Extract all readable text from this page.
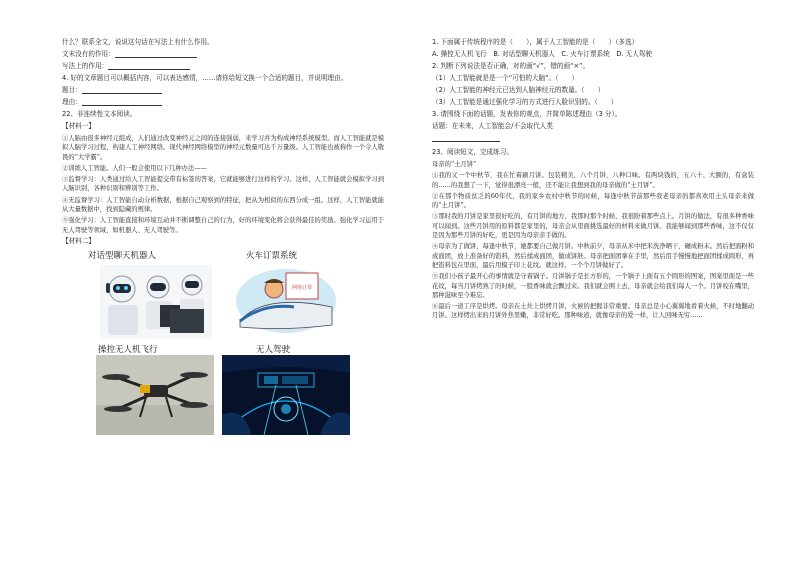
什么？联系全文，说说这句话在写法上有什么作用。

文末没有的作用：

写法上的作用：

4. 好的文章题目可以概括内容，可以表达感情，……请你给短文换一个合适的题目，并说明理由。

题目：

理由：

22、非连续性文本阅读。

【材料一】

①人脑由很多神经元组成，人们通过改变神经元之间的连接强弱，来学习并为构成神经系统模型。而人工智能就是模拟人脑学习过程，构建人工神经网络。现代神经网络模型的神经元数量可达千万量级。人工智能也被称作一个令人敬畏的“大学霸”。

②训练人工智能。人们一般会使用以下几种办法——

③监督学习：人类通过给人工智能提交带有标签的答案，它就能够进行这样的学习。这样，人工智能就会模拟学习到人脑识别，各种识别和辨别等工作。

④无监督学习：人工智能自动分析数据，根据自己观察到的特征，把从为相似的东西分成一组。这样，人工智能就能从大量数据中，找到隐藏的规律。

⑤强化学习：人工智能直接和环境互动并不断调整自己的行为，好的环境变化将会获得最佳的奖励。强化学习运用于无人驾驶等领域，如机器人、无人驾驶等。

【材料二】

对话型聊天机器人	火车订票系统
网络订票
操控无人机飞行	无人驾驶

1. 下面属于传统程序的是（　　），属于人工智能的是（　　）（多选）

A. 操控无人机飞行　B. 对话型聊天机器人　C. 火车订票系统　D. 无人驾驶

2. 判断下列说法是否正确，对的画“√”，错的画“×”。

（1）人工智能就是是一个“可怕的大脑”。（　　）

（2）人工智能的神经元已达到人脑神经元的数量。（　　）

（3）人工智能是通过强化学习的方式进行人脸识别的。（　　）

3. 请围绕下面的话题，发表你的观点，并简单陈述理由（3 分）。

话题：在未来，人工智能会/不会取代人类

23、阅读短文，完成练习。

母亲的“土月饼”

①我的又一个中秋节，我在忙着刷月饼。包装精美，八个月饼，八种口味。有两块钱的，五六十、大额的，有盒装的……的我想了一下，觉得很漂亮一般，还不能让我想到我的母亲做的“土月饼”。

②在那个物质贫乏的60年代，我的家乡农村中秋节的时候，每逢中秋节前那些我老母亲的都喜欢用土头母亲来做的“土月饼”。

③那时我的月饼是家里很好吃的，有月饼的地方，我那时那个时候，我很盼着那些点上。月饼的做法，有很多种香味可以闻到。这些月饼用的原料都是家里的，母亲会从里面挑选最好的材料来做月饼。我能够闻到那些香味，这不仅仅是因为那些月饼的好吃，更是因为母亲亲手做的。

④母亲为了做饼，每逢中秋节，她都要自己做月饼。中秋前夕，母亲从米中把米洗净晒干，碾成粉末。然后把面粉和成面团，放上准备好的馅料，然后揉成面团，做成饼胚。母亲把面团拿在手里，然后用手慢慢地把面团揉成圆形，再把馅料包在里面，最后用模子印上花纹。就这样，一个个月饼做好了。

⑤我们小孩子最开心的事情就是守着锅子。月饼锅子是长方形的，一个锅子上面有五个圆形的图案，图案里面是一些花纹，每当月饼烤熟了的时候，一股香味就会飘过来。我们就会围上去，母亲就会给我们每人一个。月饼咬在嘴里，那种滋味至今难忘。

⑥最后一道工序是烘烤。母亲在土灶上烘烤月饼，火候的把握非常重要。母亲总是小心翼翼地看着火候，不时地翻动月饼。这样烤出来的月饼外焦里嫩，非常好吃。那种味道，就像母亲的爱一样，让人回味无穷……
